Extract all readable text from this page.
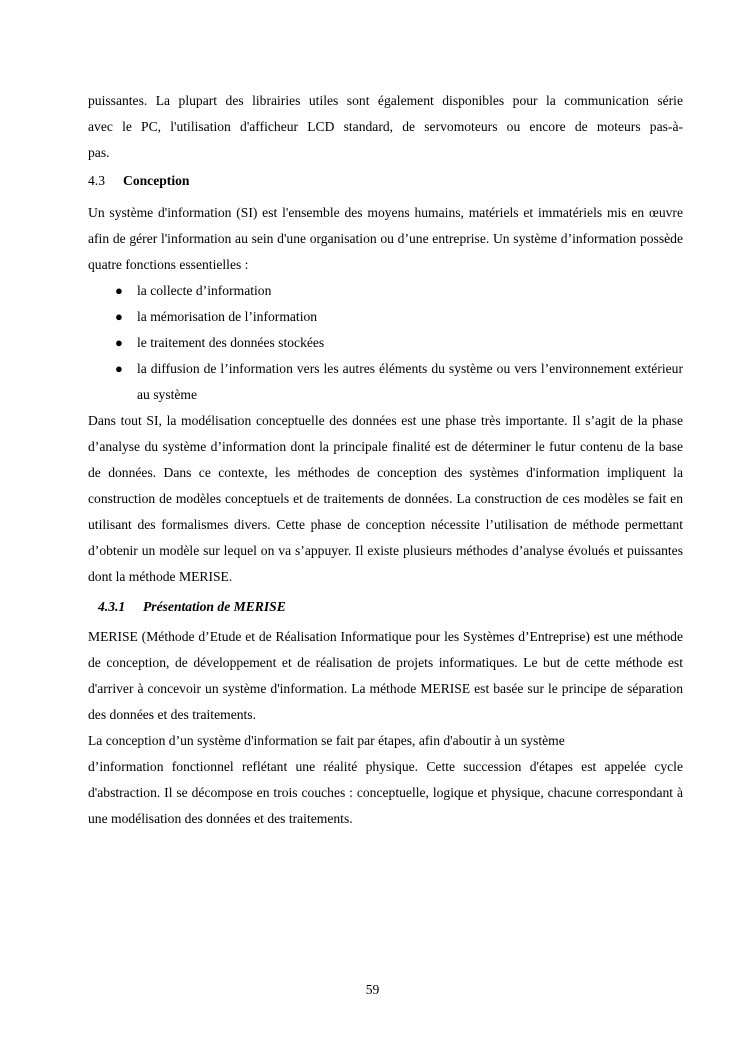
puissantes. La plupart des librairies utiles sont également disponibles pour la communication série

avec le PC, l'utilisation d'afficheur LCD standard, de servomoteurs ou encore de moteurs pas-à-

pas.

4.3 Conception

Un système d'information (SI) est l'ensemble des moyens humains, matériels et immatériels mis en œuvre afin de gérer l'information au sein d'une organisation ou d’une entreprise. Un système d’information possède quatre fonctions essentielles :

● la collecte d’information
● la mémorisation de l’information
● le traitement des données stockées
● la diffusion de l’information vers les autres éléments du système ou vers l’environnement extérieur au système

Dans tout SI, la modélisation conceptuelle des données est une phase très importante. Il s’agit de la phase d’analyse du système d’information dont la principale finalité est de déterminer le futur contenu de la base de données. Dans ce contexte, les méthodes de conception des systèmes d'information impliquent la construction de modèles conceptuels et de traitements de données. La construction de ces modèles se fait en utilisant des formalismes divers. Cette phase de conception nécessite l’utilisation de méthode permettant d’obtenir un modèle sur lequel on va s’appuyer. Il existe plusieurs méthodes d’analyse évolués et puissantes dont la méthode MERISE.

4.3.1 Présentation de MERISE

MERISE (Méthode d’Etude et de Réalisation Informatique pour les Systèmes d’Entreprise) est une méthode de conception, de développement et de réalisation de projets informatiques. Le but de cette méthode est d'arriver à concevoir un système d'information. La méthode MERISE est basée sur le principe de séparation des données et des traitements.

La conception d’un système d'information se fait par étapes, afin d'aboutir à un système

d’information fonctionnel reflétant une réalité physique. Cette succession d'étapes est appelée cycle d'abstraction. Il se décompose en trois couches : conceptuelle, logique et physique, chacune correspondant à une modélisation des données et des traitements.

59
